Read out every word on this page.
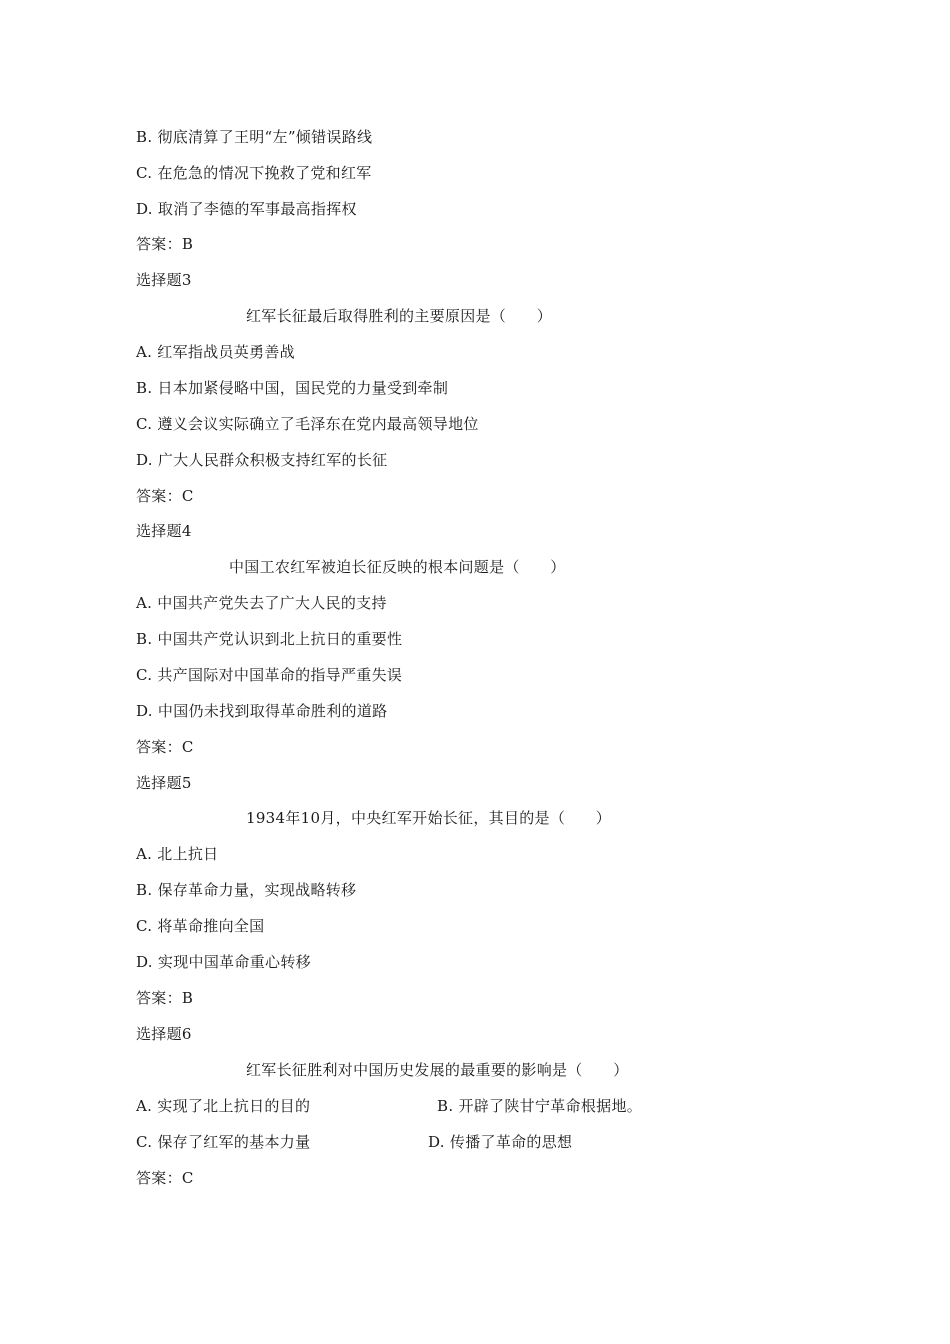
B. 彻底清算了王明“左”倾错误路线
C. 在危急的情况下挽救了党和红军
D. 取消了李德的军事最高指挥权
答案：B
选择题3
红军长征最后取得胜利的主要原因是（　　）
A. 红军指战员英勇善战
B. 日本加紧侵略中国，国民党的力量受到牵制
C. 遵义会议实际确立了毛泽东在党内最高领导地位
D. 广大人民群众积极支持红军的长征
答案：C
选择题4
中国工农红军被迫长征反映的根本问题是（　　）
A. 中国共产党失去了广大人民的支持
B. 中国共产党认识到北上抗日的重要性
C. 共产国际对中国革命的指导严重失误
D. 中国仍未找到取得革命胜利的道路
答案：C
选择题5
1934年10月，中央红军开始长征，其目的是（　　）
A. 北上抗日
B. 保存革命力量，实现战略转移
C. 将革命推向全国
D. 实现中国革命重心转移
答案：B
选择题6
红军长征胜利对中国历史发展的最重要的影响是（　　）
A. 实现了北上抗日的目的	B. 开辟了陕甘宁革命根据地。
C. 保存了红军的基本力量	D. 传播了革命的思想
答案：C
